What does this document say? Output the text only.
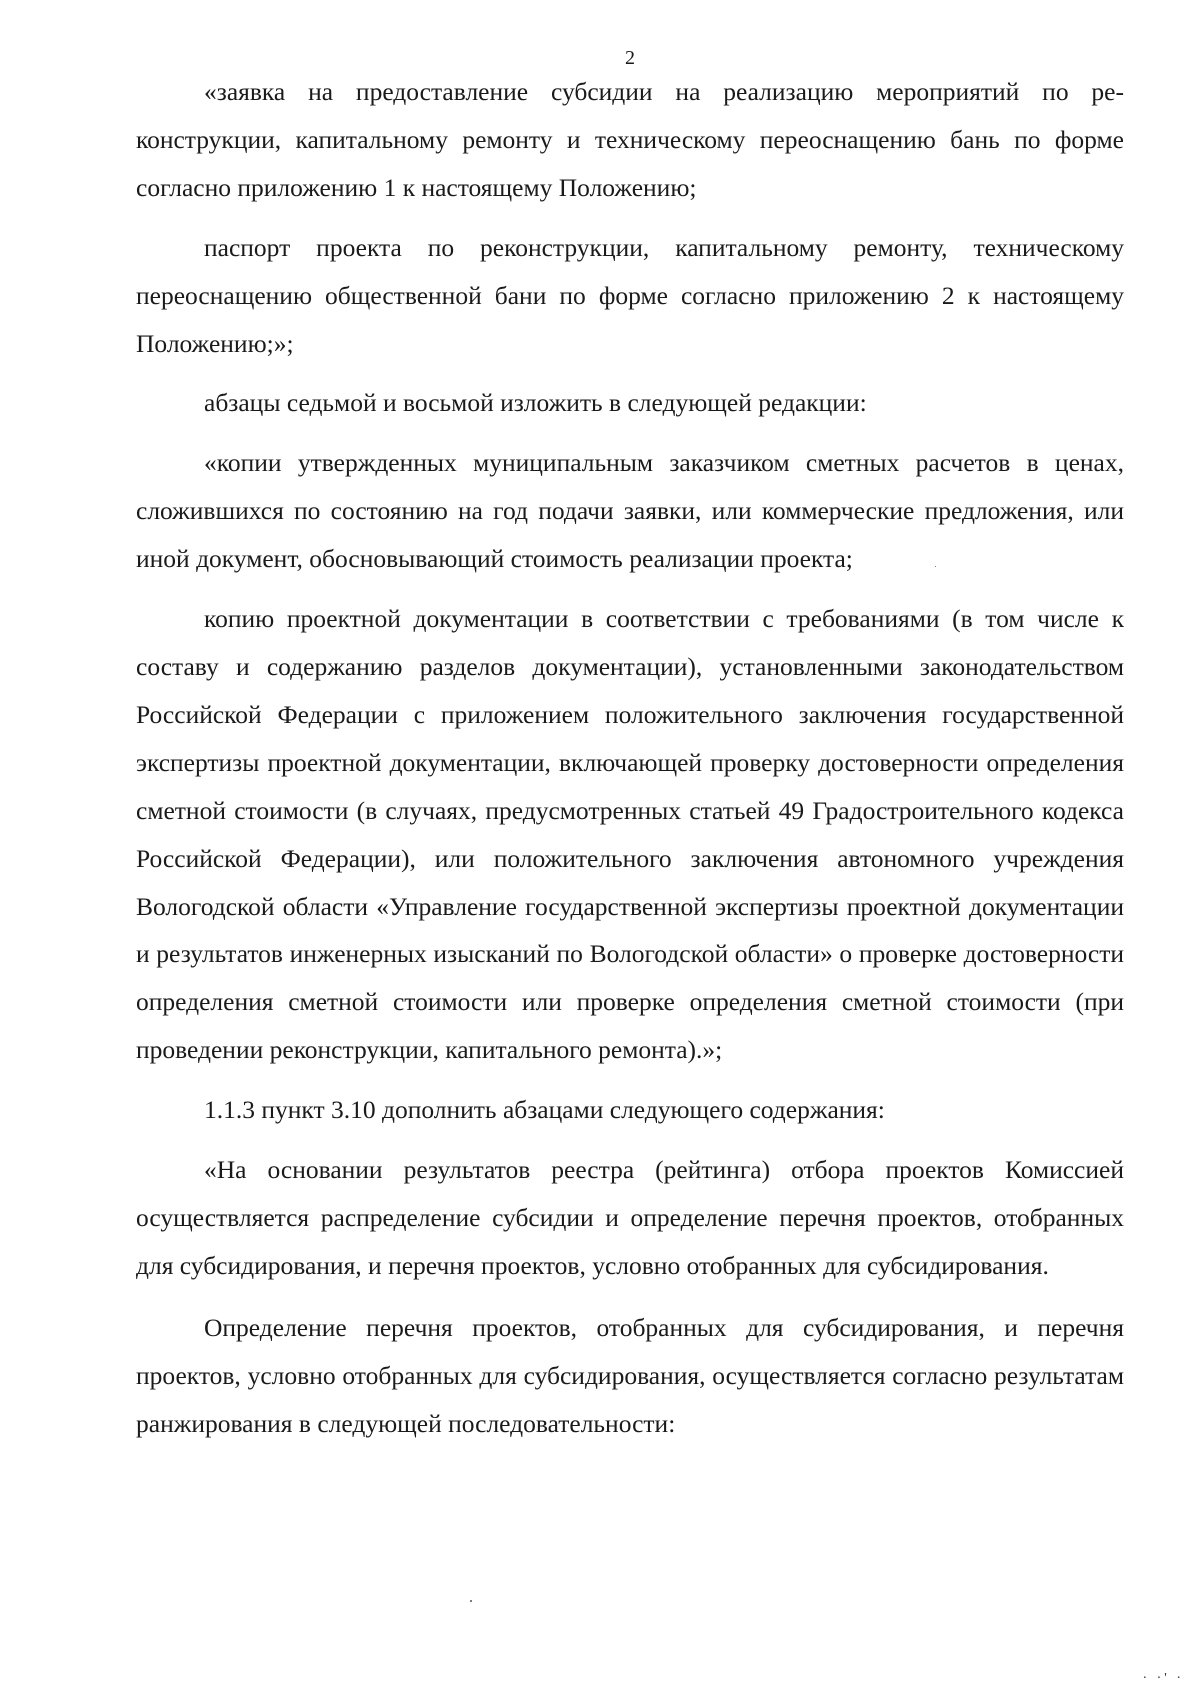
2

«заявка на предоставление субсидии на реализацию мероприятий по реконструкции, капитальному ремонту и техническому переоснащению бань по форме согласно приложению 1 к настоящему Положению;

паспорт проекта по реконструкции, капитальному ремонту, техническому переоснащению общественной бани по форме согласно приложению 2 к настоящему Положению;»;

абзацы седьмой и восьмой изложить в следующей редакции:

«копии утвержденных муниципальным заказчиком сметных расчетов в ценах, сложившихся по состоянию на год подачи заявки, или коммерческие предложения, или иной документ, обосновывающий стоимость реализации проекта;

копию проектной документации в соответствии с требованиями (в том числе к составу и содержанию разделов документации), установленными законодательством Российской Федерации с приложением положительного заключения государственной экспертизы проектной документации, включающей проверку достоверности определения сметной стоимости (в случаях, предусмотренных статьей 49 Градостроительного кодекса Российской Федерации), или положительного заключения автономного учреждения Вологодской области «Управление государственной экспертизы проектной документации и результатов инженерных изысканий по Вологодской области» о проверке достоверности определения сметной стоимости или проверке определения сметной стоимости (при проведении реконструкции, капитального ремонта).»;

1.1.3 пункт 3.10 дополнить абзацами следующего содержания:

«На основании результатов реестра (рейтинга) отбора проектов Комиссией осуществляется распределение субсидии и определение перечня проектов, отобранных для субсидирования, и перечня проектов, условно отобранных для субсидирования.

Определение перечня проектов, отобранных для субсидирования, и перечня проектов, условно отобранных для субсидирования, осуществляется согласно результатам ранжирования в следующей последовательности:

· ·' ·
